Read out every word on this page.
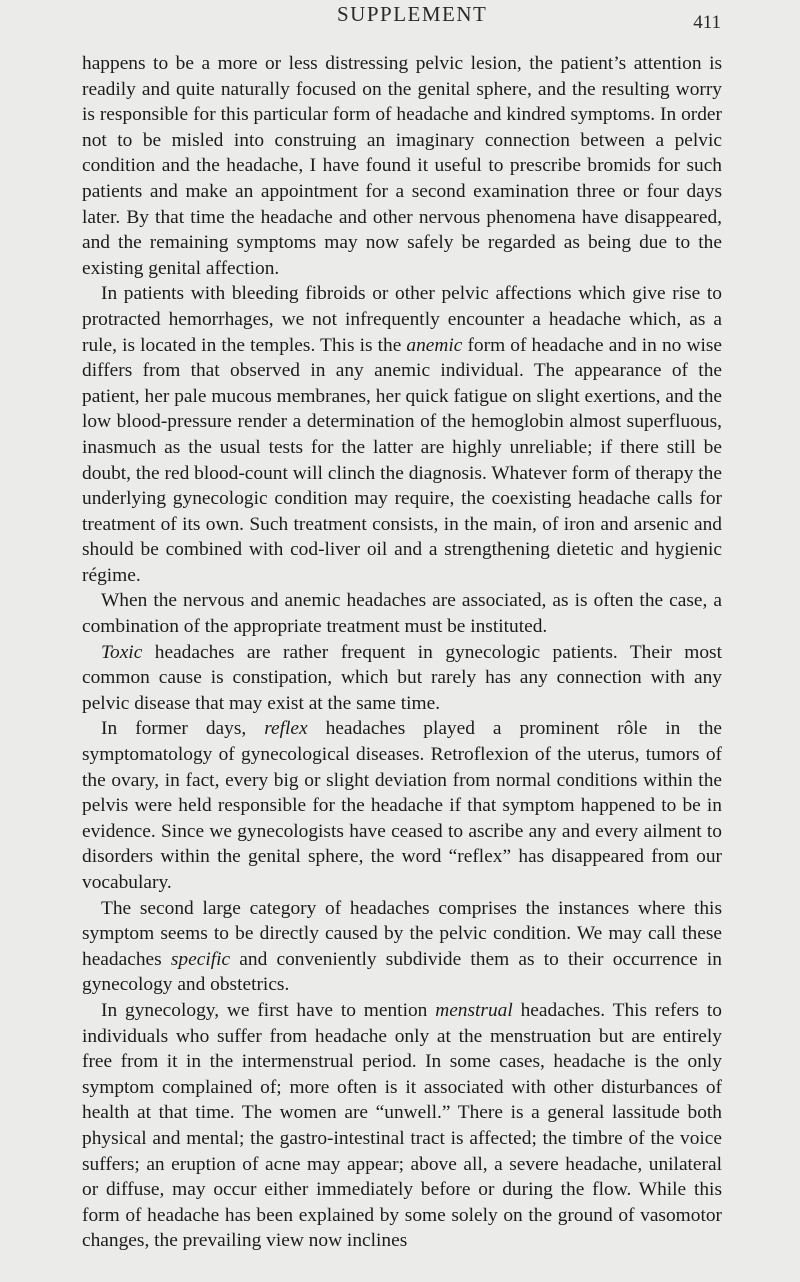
SUPPLEMENT	411

happens to be a more or less distressing pelvic lesion, the patient’s attention is readily and quite naturally focused on the genital sphere, and the resulting worry is responsible for this particular form of headache and kindred symptoms. In order not to be misled into construing an imaginary connection between a pelvic condition and the headache, I have found it useful to prescribe bromids for such patients and make an appointment for a second examination three or four days later. By that time the headache and other nervous phenomena have disappeared, and the remaining symptoms may now safely be regarded as being due to the existing genital affection.

In patients with bleeding fibroids or other pelvic affections which give rise to protracted hemorrhages, we not infrequently encounter a headache which, as a rule, is located in the temples. This is the anemic form of headache and in no wise differs from that observed in any anemic individual. The appearance of the patient, her pale mucous membranes, her quick fatigue on slight exertions, and the low blood-pressure render a determination of the hemoglobin almost superfluous, inasmuch as the usual tests for the latter are highly unreliable; if there still be doubt, the red blood-count will clinch the diagnosis. Whatever form of therapy the underlying gynecologic condition may require, the coexisting headache calls for treatment of its own. Such treatment consists, in the main, of iron and arsenic and should be combined with cod-liver oil and a strengthening dietetic and hygienic régime.

When the nervous and anemic headaches are associated, as is often the case, a combination of the appropriate treatment must be instituted.

Toxic headaches are rather frequent in gynecologic patients. Their most common cause is constipation, which but rarely has any connection with any pelvic disease that may exist at the same time.

In former days, reflex headaches played a prominent rôle in the symptomatology of gynecological diseases. Retroflexion of the uterus, tumors of the ovary, in fact, every big or slight deviation from normal conditions within the pelvis were held responsible for the headache if that symptom happened to be in evidence. Since we gynecologists have ceased to ascribe any and every ailment to disorders within the genital sphere, the word “reflex” has disappeared from our vocabulary.

The second large category of headaches comprises the instances where this symptom seems to be directly caused by the pelvic condition. We may call these headaches specific and conveniently subdivide them as to their occurrence in gynecology and obstetrics.

In gynecology, we first have to mention menstrual headaches. This refers to individuals who suffer from headache only at the menstruation but are entirely free from it in the intermenstrual period. In some cases, headache is the only symptom complained of; more often is it associated with other disturbances of health at that time. The women are “unwell.” There is a general lassitude both physical and mental; the gastro-intestinal tract is affected; the timbre of the voice suffers; an eruption of acne may appear; above all, a severe headache, unilateral or diffuse, may occur either immediately before or during the flow. While this form of headache has been explained by some solely on the ground of vasomotor changes, the prevailing view now inclines
